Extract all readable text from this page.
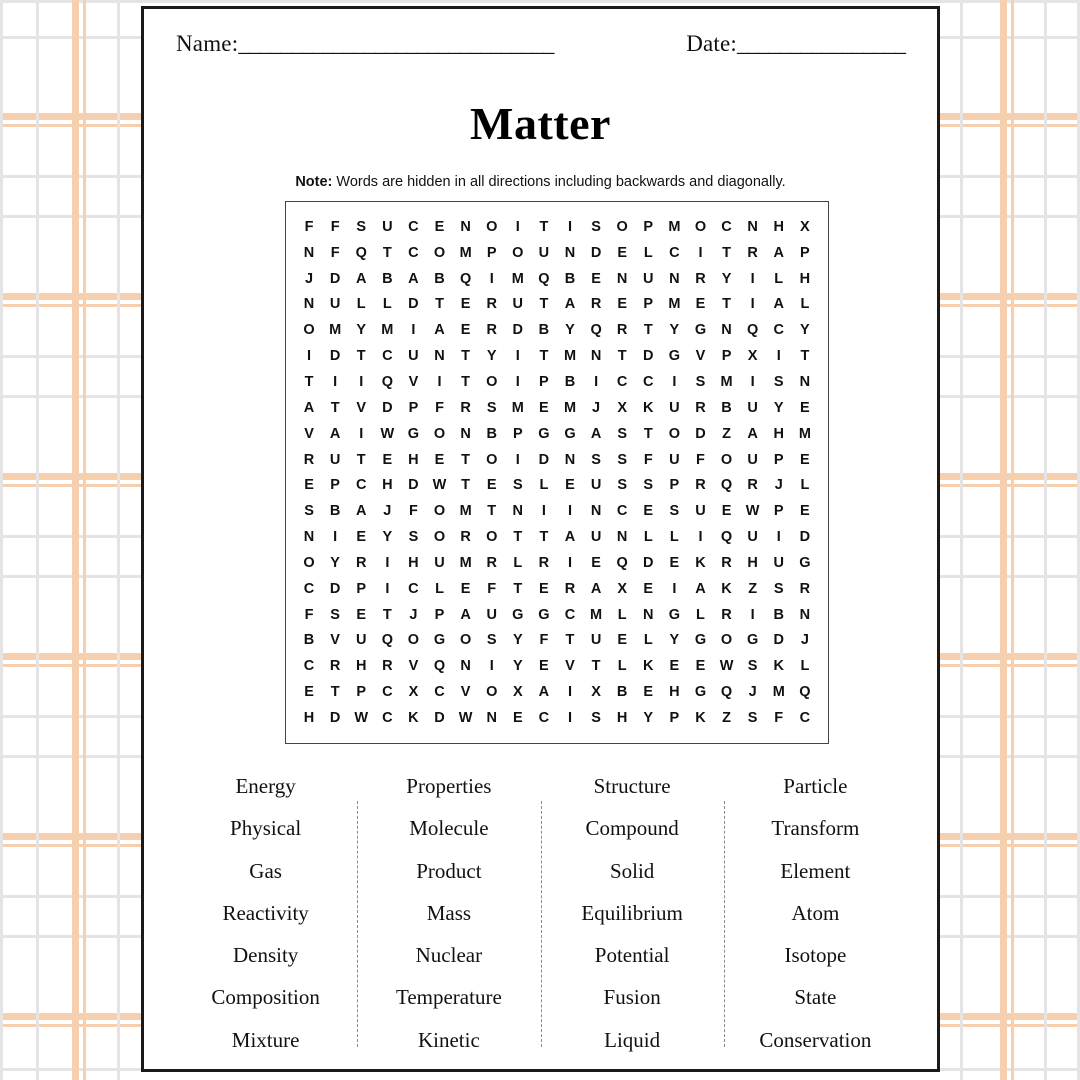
Name:______________________________	Date:________________
Matter
Note: Words are hidden in all directions including backwards and diagonally.
F	F	S	U	C	E	N	O	I	T	I	S	O	P	M	O	C	N	H	X
N	F	Q	T	C	O	M	P	O	U	N	D	E	L	C	I	T	R	A	P
J	D	A	B	A	B	Q	I	M	Q	B	E	N	U	N	R	Y	I	L	H
N	U	L	L	D	T	E	R	U	T	A	R	E	P	M	E	T	I	A	L
O	M	Y	M	I	A	E	R	D	B	Y	Q	R	T	Y	G	N	Q	C	Y
I	D	T	C	U	N	T	Y	I	T	M	N	T	D	G	V	P	X	I	T
T	I	I	Q	V	I	T	O	I	P	B	I	C	C	I	S	M	I	S	N
A	T	V	D	P	F	R	S	M	E	M	J	X	K	U	R	B	U	Y	E
V	A	I	W	G	O	N	B	P	G	G	A	S	T	O	D	Z	A	H	M
R	U	T	E	H	E	T	O	I	D	N	S	S	F	U	F	O	U	P	E
E	P	C	H	D	W	T	E	S	L	E	U	S	S	P	R	Q	R	J	L
S	B	A	J	F	O	M	T	N	I	I	N	C	E	S	U	E	W	P	E
N	I	E	Y	S	O	R	O	T	T	A	U	N	L	L	I	Q	U	I	D
O	Y	R	I	H	U	M	R	L	R	I	E	Q	D	E	K	R	H	U	G
C	D	P	I	C	L	E	F	T	E	R	A	X	E	I	A	K	Z	S	R
F	S	E	T	J	P	A	U	G	G	C	M	L	N	G	L	R	I	B	N
B	V	U	Q	O	G	O	S	Y	F	T	U	E	L	Y	G	O	G	D	J
C	R	H	R	V	Q	N	I	Y	E	V	T	L	K	E	E	W	S	K	L
E	T	P	C	X	C	V	O	X	A	I	X	B	E	H	G	Q	J	M	Q
H	D	W	C	K	D	W	N	E	C	I	S	H	Y	P	K	Z	S	F	C
Energy
Physical
Gas
Reactivity
Density
Composition
Mixture
Properties
Molecule
Product
Mass
Nuclear
Temperature
Kinetic
Structure
Compound
Solid
Equilibrium
Potential
Fusion
Liquid
Particle
Transform
Element
Atom
Isotope
State
Conservation
